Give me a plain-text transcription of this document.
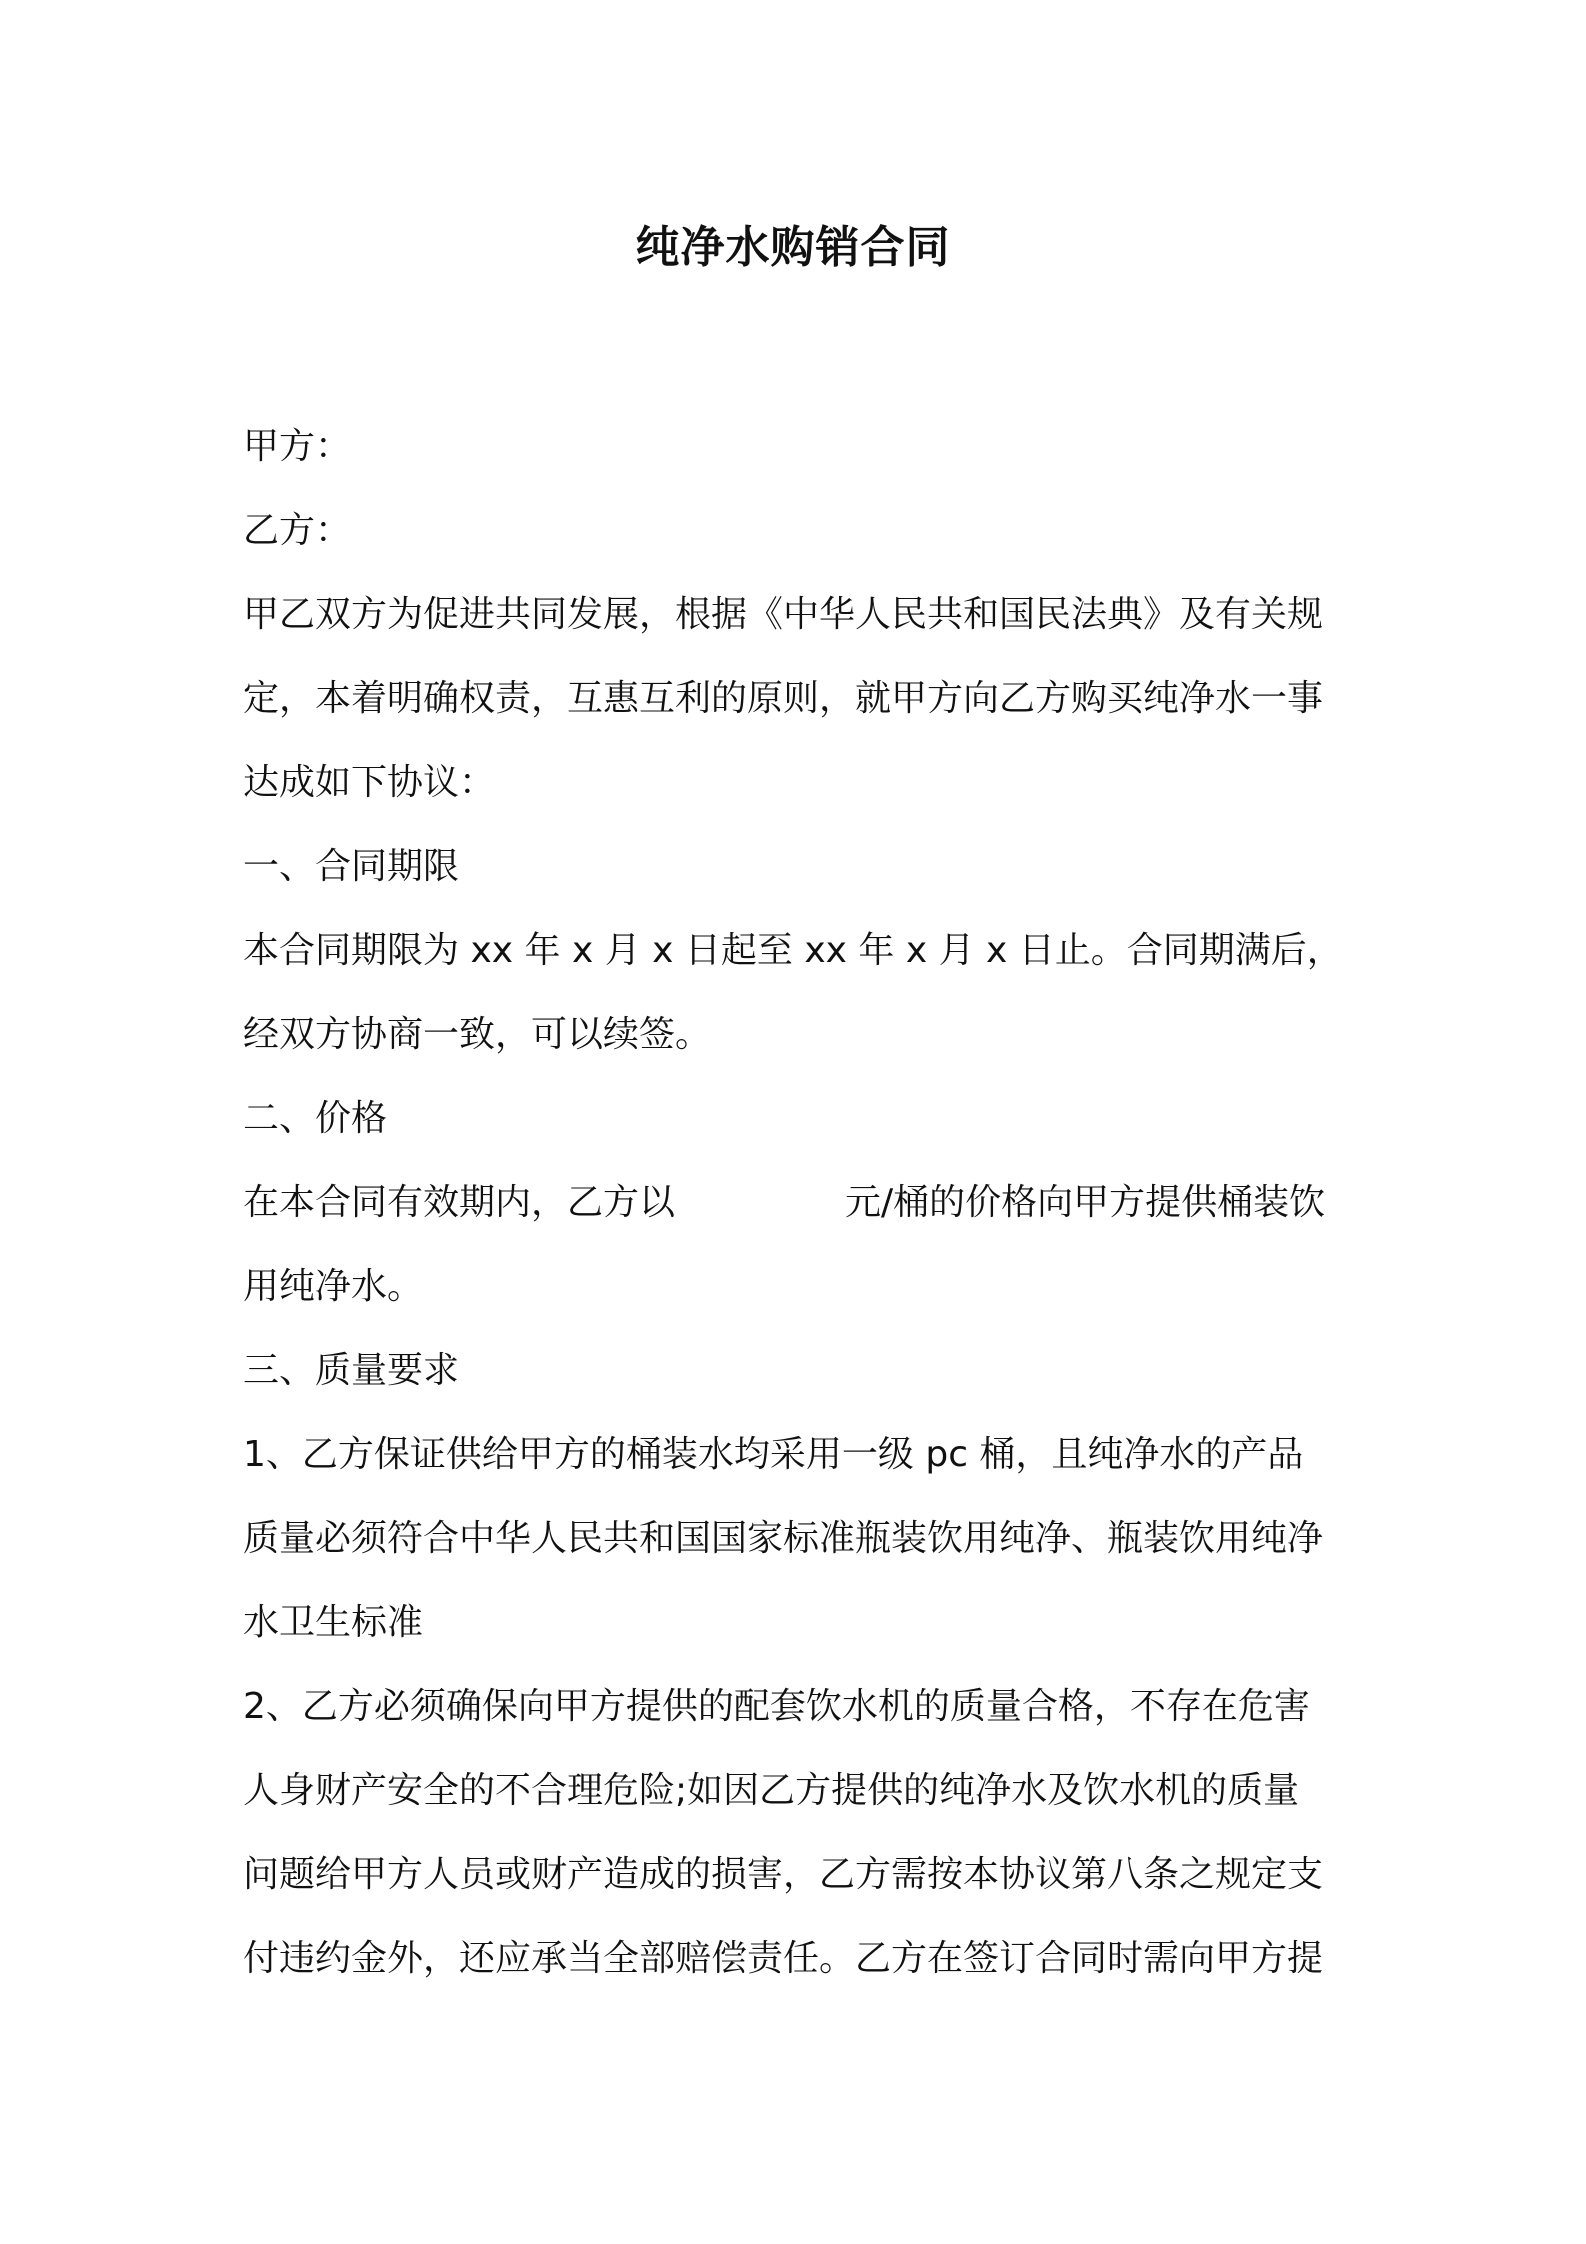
纯净水购销合同
甲方：
乙方：
甲乙双方为促进共同发展，根据《中华人民共和国民法典》及有关规
定，本着明确权责，互惠互利的原则，就甲方向乙方购买纯净水一事
达成如下协议：
一、合同期限
本合同期限为 xx 年 x 月 x 日起至 xx 年 x 月 x 日止。合同期满后，
经双方协商一致，可以续签。
二、价格
在本合同有效期内，乙方以	元/桶的价格向甲方提供桶装饮
用纯净水。
三、质量要求
1、乙方保证供给甲方的桶装水均采用一级 pc 桶，且纯净水的产品
质量必须符合中华人民共和国国家标准瓶装饮用纯净、瓶装饮用纯净
水卫生标准
2、乙方必须确保向甲方提供的配套饮水机的质量合格，不存在危害
人身财产安全的不合理危险;如因乙方提供的纯净水及饮水机的质量
问题给甲方人员或财产造成的损害，乙方需按本协议第八条之规定支
付违约金外，还应承当全部赔偿责任。乙方在签订合同时需向甲方提
